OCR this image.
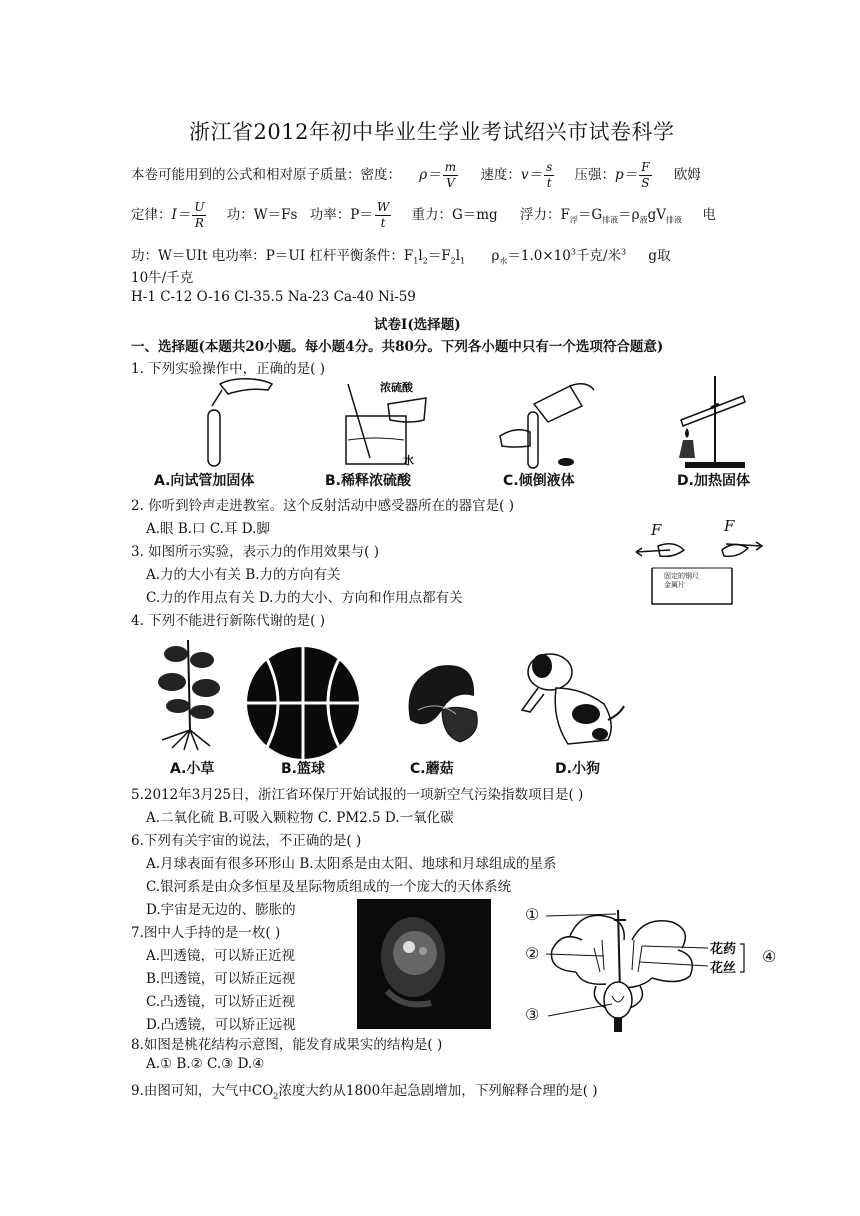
浙江省2012年初中毕业生学业考试绍兴市试卷科学
本卷可能用到的公式和相对原子质量：密度： $\rho= \frac{m}{V}$ 速度：$v= \frac{s}{t}$ 压强：$p= \frac{F}{S}$ 欧姆
定律：$I= \frac{U}{R}$ 功：W＝Fs 功率：$P= \frac{W}{t}$ 重力：G＝mg 浮力：$F_浮=G_{排液}=\rho_液gV_{排液}$ 电
功：W＝UIt 电功率：P＝UI 杠杆平衡条件：$F_1l_2=F_2l_1$ $\rho_水=1.0\times 10^3$千克/米$^3$ g取
10牛/千克
H-1 C-12 O-16 Cl-35.5 Na-23 Ca-40 Ni-59
试卷Ⅰ(选择题)
一、选择题(本题共20小题。每小题4分。共80分。下列各小题中只有一个选项符合题意)
1. 下列实验操作中，正确的是( )
浓硫酸
水
A.向试管加固体	B.稀释浓硫酸	C.倾倒液体	D.加热固体
2. 你听到铃声走进教室。这个反射活动中感受器所在的器官是( )
A.眼 B.口 C.耳 D.脚
3. 如图所示实验，表示力的作用效果与( )
A.力的大小有关 B.力的方向有关
C.力的作用点有关 D.力的大小、方向和作用点都有关
F	F
固定的钢尺 金属片
4. 下列不能进行新陈代谢的是( )
A.小草	B.篮球	C.蘑菇	D.小狗
5.2012年3月25日，浙江省环保厅开始试报的一项新空气污染指数项目是( )
A.二氧化硫 B.可吸入颗粒物 C. PM2.5 D.一氧化碳
6.下列有关宇宙的说法，不正确的是( )
A.月球表面有很多环形山 B.太阳系是由太阳、地球和月球组成的星系
C.银河系是由众多恒星及星际物质组成的一个庞大的天体系统
D.宇宙是无边的、膨胀的
7.图中人手持的是一枚( )
A.凹透镜，可以矫正近视
B.凹透镜，可以矫正远视
C.凸透镜，可以矫正近视
D.凸透镜，可以矫正远视
①
②
③
④
花药
花丝
8.如图是桃花结构示意图，能发育成果实的结构是( )
A.① B.② C.③ D.④
9.由图可知，大气中$CO_2$浓度大约从1800年起急剧增加，下列解释合理的是( )
